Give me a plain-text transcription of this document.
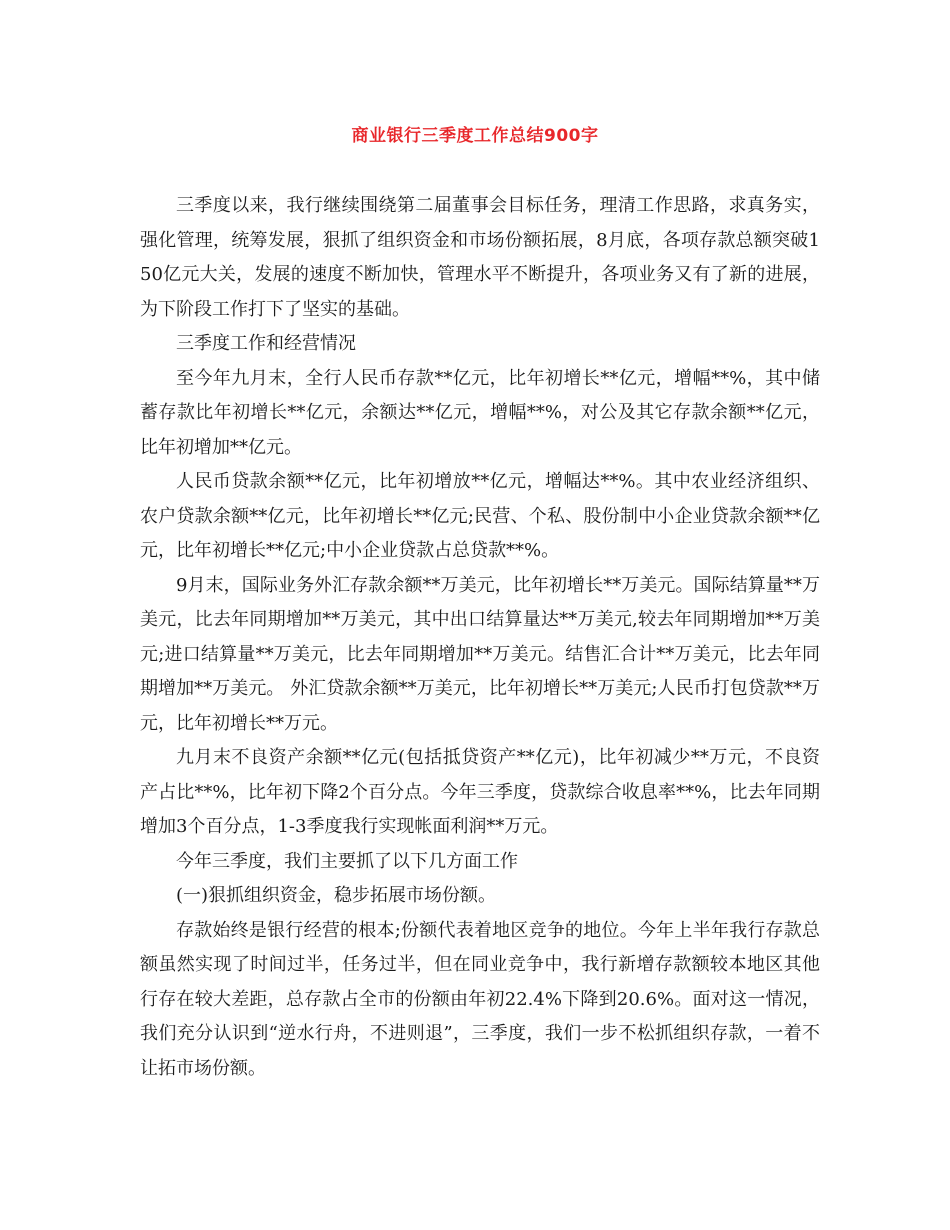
商业银行三季度工作总结900字

三季度以来，我行继续围绕第二届董事会目标任务，理清工作思路，求真务实，强化管理，统筹发展，狠抓了组织资金和市场份额拓展，8月底，各项存款总额突破150亿元大关，发展的速度不断加快，管理水平不断提升，各项业务又有了新的进展，为下阶段工作打下了坚实的基础。

三季度工作和经营情况

至今年九月末，全行人民币存款**亿元，比年初增长**亿元，增幅**%，其中储蓄存款比年初增长**亿元，余额达**亿元，增幅**%，对公及其它存款余额**亿元，比年初增加**亿元。

人民币贷款余额**亿元，比年初增放**亿元，增幅达**%。其中农业经济组织、农户贷款余额**亿元，比年初增长**亿元;民营、个私、股份制中小企业贷款余额**亿元，比年初增长**亿元;中小企业贷款占总贷款**%。

9月末，国际业务外汇存款余额**万美元，比年初增长**万美元。国际结算量**万美元，比去年同期增加**万美元，其中出口结算量达**万美元,较去年同期增加**万美元;进口结算量**万美元，比去年同期增加**万美元。结售汇合计**万美元，比去年同期增加**万美元。 外汇贷款余额**万美元，比年初增长**万美元;人民币打包贷款**万元，比年初增长**万元。

九月末不良资产余额**亿元(包括抵贷资产**亿元)，比年初减少**万元，不良资产占比**%，比年初下降2个百分点。今年三季度，贷款综合收息率**%，比去年同期增加3个百分点，1-3季度我行实现帐面利润**万元。

今年三季度，我们主要抓了以下几方面工作

(一)狠抓组织资金，稳步拓展市场份额。

存款始终是银行经营的根本;份额代表着地区竞争的地位。今年上半年我行存款总额虽然实现了时间过半，任务过半，但在同业竞争中，我行新增存款额较本地区其他行存在较大差距，总存款占全市的份额由年初22.4%下降到20.6%。面对这一情况，我们充分认识到“逆水行舟，不进则退”，三季度，我们一步不松抓组织存款，一着不让拓市场份额。
